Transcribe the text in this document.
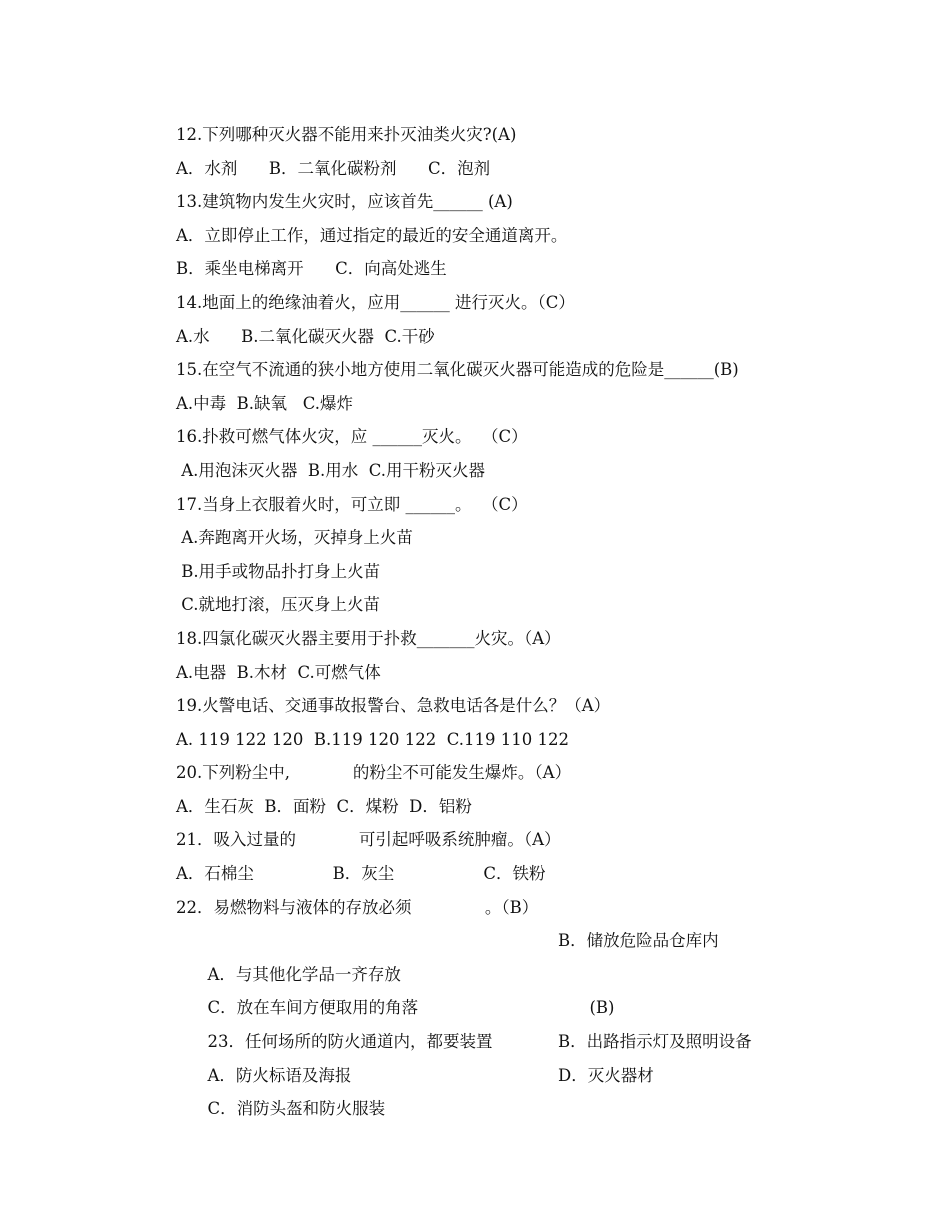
12.下列哪种灭火器不能用来扑灭油类火灾?(A)
A．水剂      B．二氧化碳粉剂      C．泡剂
13.建筑物内发生火灾时，应该首先______ (A)
A．立即停止工作，通过指定的最近的安全通道离开。
B．乘坐电梯离开      C．向高处逃生
14.地面上的绝缘油着火，应用______ 进行灭火。（C）
A.水      B.二氧化碳灭火器  C.干砂
15.在空气不流通的狭小地方使用二氧化碳灭火器可能造成的危险是______(B)
A.中毒  B.缺氧   C.爆炸
16.扑救可燃气体火灾，应 ______灭火。  （C）
A.用泡沫灭火器  B.用水  C.用干粉灭火器
17.当身上衣服着火时，可立即 ______。  （C）
A.奔跑离开火场，灭掉身上火苗
B.用手或物品扑打身上火苗
C.就地打滚，压灭身上火苗
18.四氯化碳灭火器主要用于扑救_______火灾。（A）
A.电器  B.木材  C.可燃气体
19.火警电话、交通事故报警台、急救电话各是什么？（A）
A. 119 122 120  B.119 120 122  C.119 110 122
20.下列粉尘中,            的粉尘不可能发生爆炸。（A）
A．生石灰  B．面粉  C．煤粉  D．铝粉
21．吸入过量的            可引起呼吸系统肿瘤。（A）
A．石棉尘               B．灰尘                 C．铁粉
22．易燃物料与液体的存放必须              。（B）

A．与其他化学品一齐存放

B．储放危险品仓库内

C．放在车间方便取用的角落

23．任何场所的防火通道内，都要装置

(B)

A．防火标语及海报

B．出路指示灯及照明设备

C．消防头盔和防火服装

D．灭火器材
